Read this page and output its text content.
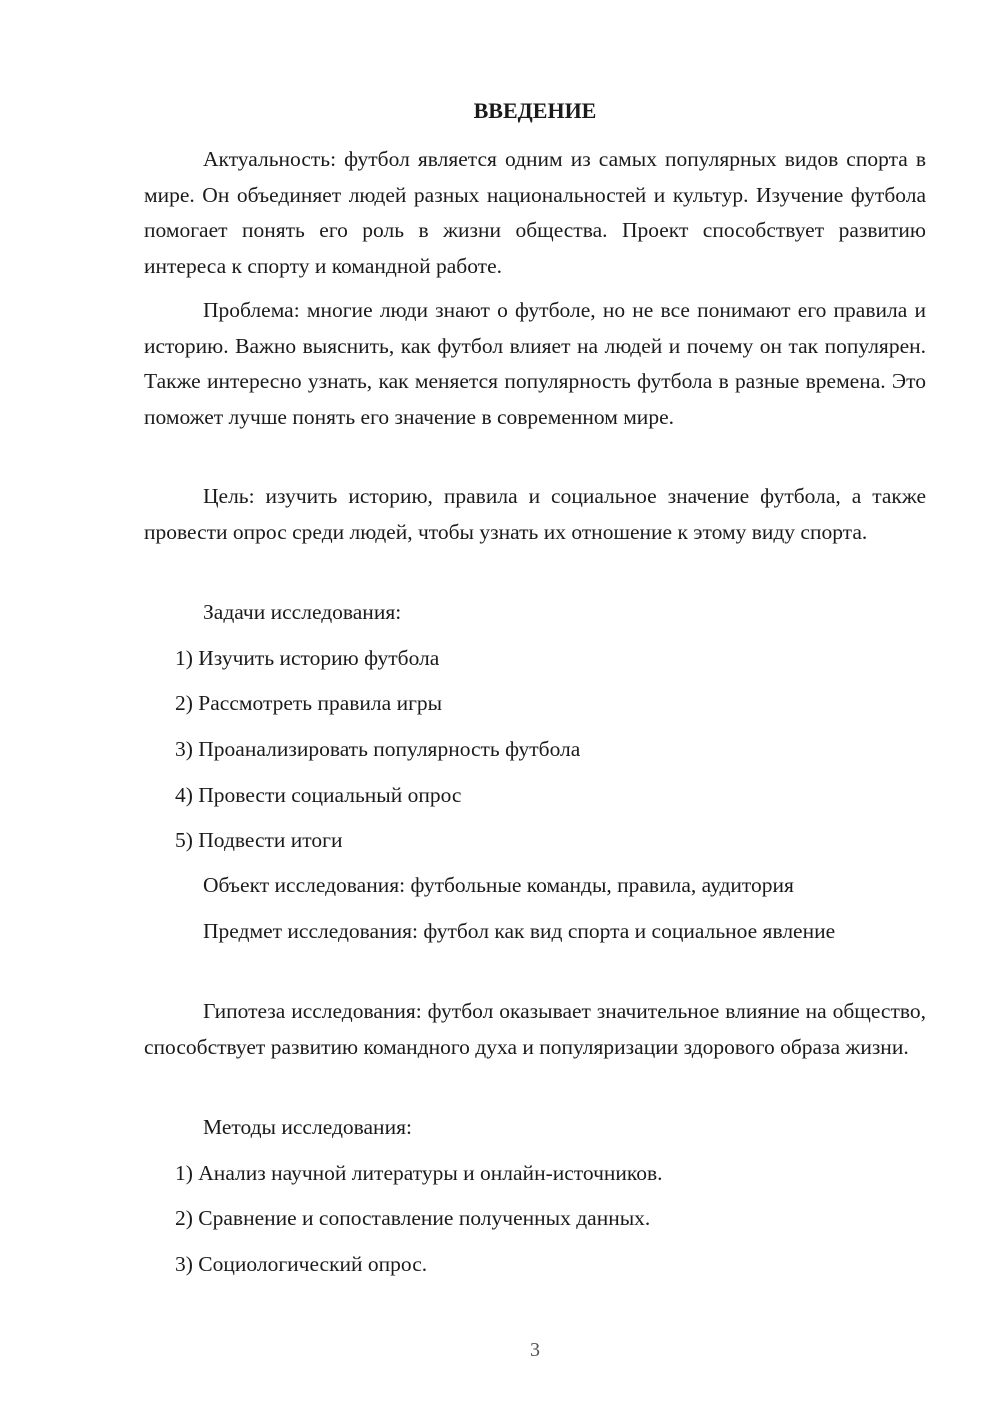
ВВЕДЕНИЕ

Актуальность: футбол является одним из самых популярных видов спорта в мире. Он объединяет людей разных национальностей и культур. Изучение футбола помогает понять его роль в жизни общества. Проект способствует развитию интереса к спорту и командной работе.

Проблема: многие люди знают о футболе, но не все понимают его правила и историю. Важно выяснить, как футбол влияет на людей и почему он так популярен. Также интересно узнать, как меняется популярность футбола в разные времена. Это поможет лучше понять его значение в современном мире.

Цель: изучить историю, правила и социальное значение футбола, а также провести опрос среди людей, чтобы узнать их отношение к этому виду спорта.

Задачи исследования:
1) Изучить историю футбола
2) Рассмотреть правила игры
3) Проанализировать популярность футбола
4) Провести социальный опрос
5) Подвести итоги
Объект исследования: футбольные команды, правила, аудитория

Предмет исследования: футбол как вид спорта и социальное явление

Гипотеза исследования: футбол оказывает значительное влияние на общество, способствует развитию командного духа и популяризации здорового образа жизни.

Методы исследования:
1) Анализ научной литературы и онлайн-источников.
2) Сравнение и сопоставление полученных данных.
3) Социологический опрос.
3
